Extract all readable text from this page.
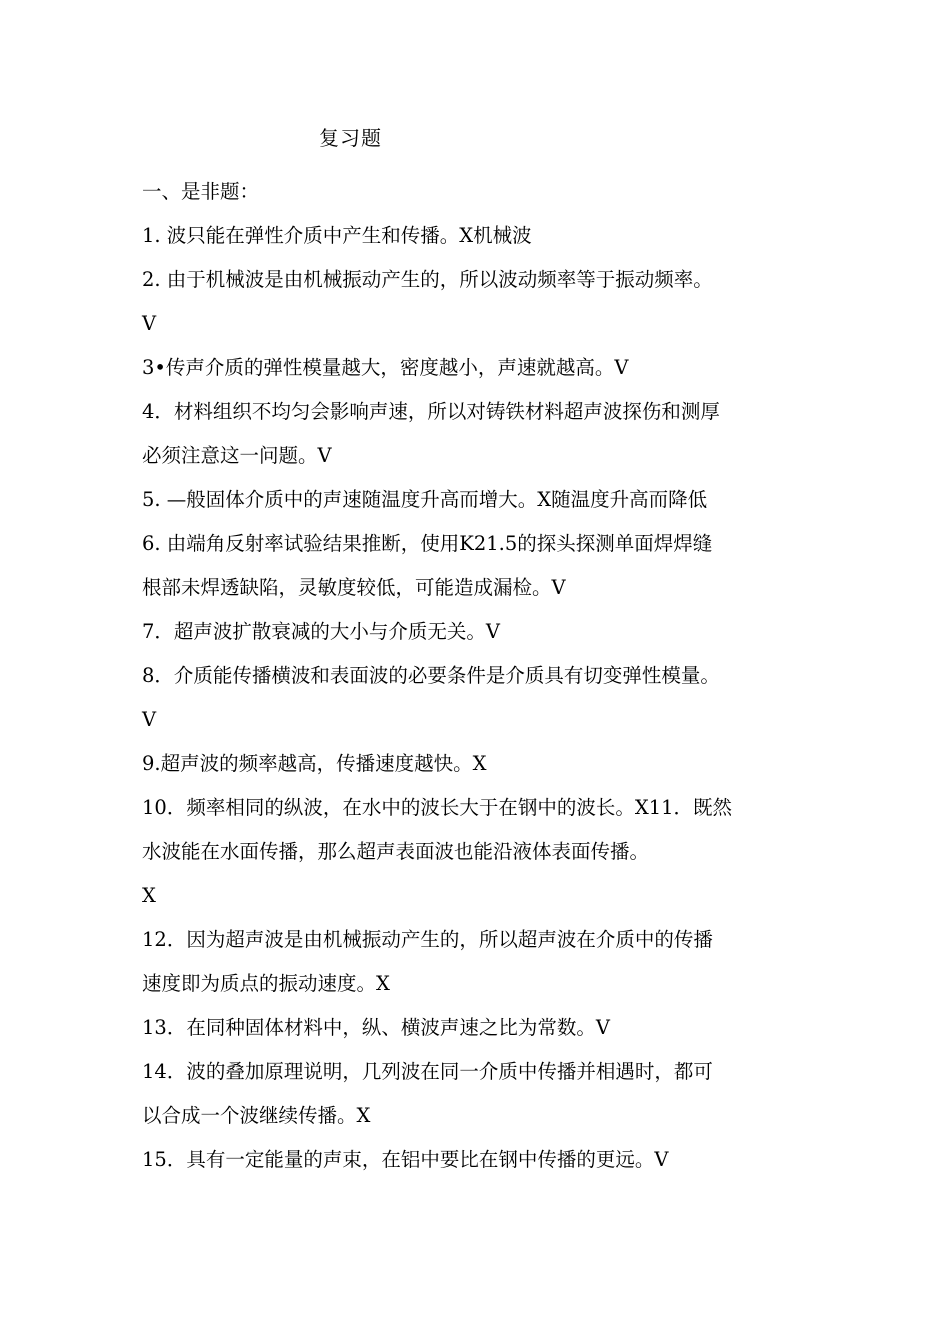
复习题
一、是非题：
1. 波只能在弹性介质中产生和传播。X机械波
2. 由于机械波是由机械振动产生的，所以波动频率等于振动频率。
V
3•传声介质的弹性模量越大，密度越小，声速就越高。V
4．材料组织不均匀会影响声速，所以对铸铁材料超声波探伤和测厚
必须注意这一问题。V
5. —般固体介质中的声速随温度升高而增大。X随温度升高而降低
6. 由端角反射率试验结果推断，使用K21.5的探头探测单面焊焊缝
根部未焊透缺陷，灵敏度较低，可能造成漏检。V
7．超声波扩散衰减的大小与介质无关。V
8．介质能传播横波和表面波的必要条件是介质具有切变弹性模量。
V
9.超声波的频率越高，传播速度越快。X
10．频率相同的纵波，在水中的波长大于在钢中的波长。X11．既然
水波能在水面传播，那么超声表面波也能沿液体表面传播。
X
12．因为超声波是由机械振动产生的，所以超声波在介质中的传播
速度即为质点的振动速度。X
13．在同种固体材料中，纵、横波声速之比为常数。V
14．波的叠加原理说明，几列波在同一介质中传播并相遇时，都可
以合成一个波继续传播。X
15．具有一定能量的声束，在铝中要比在钢中传播的更远。V
